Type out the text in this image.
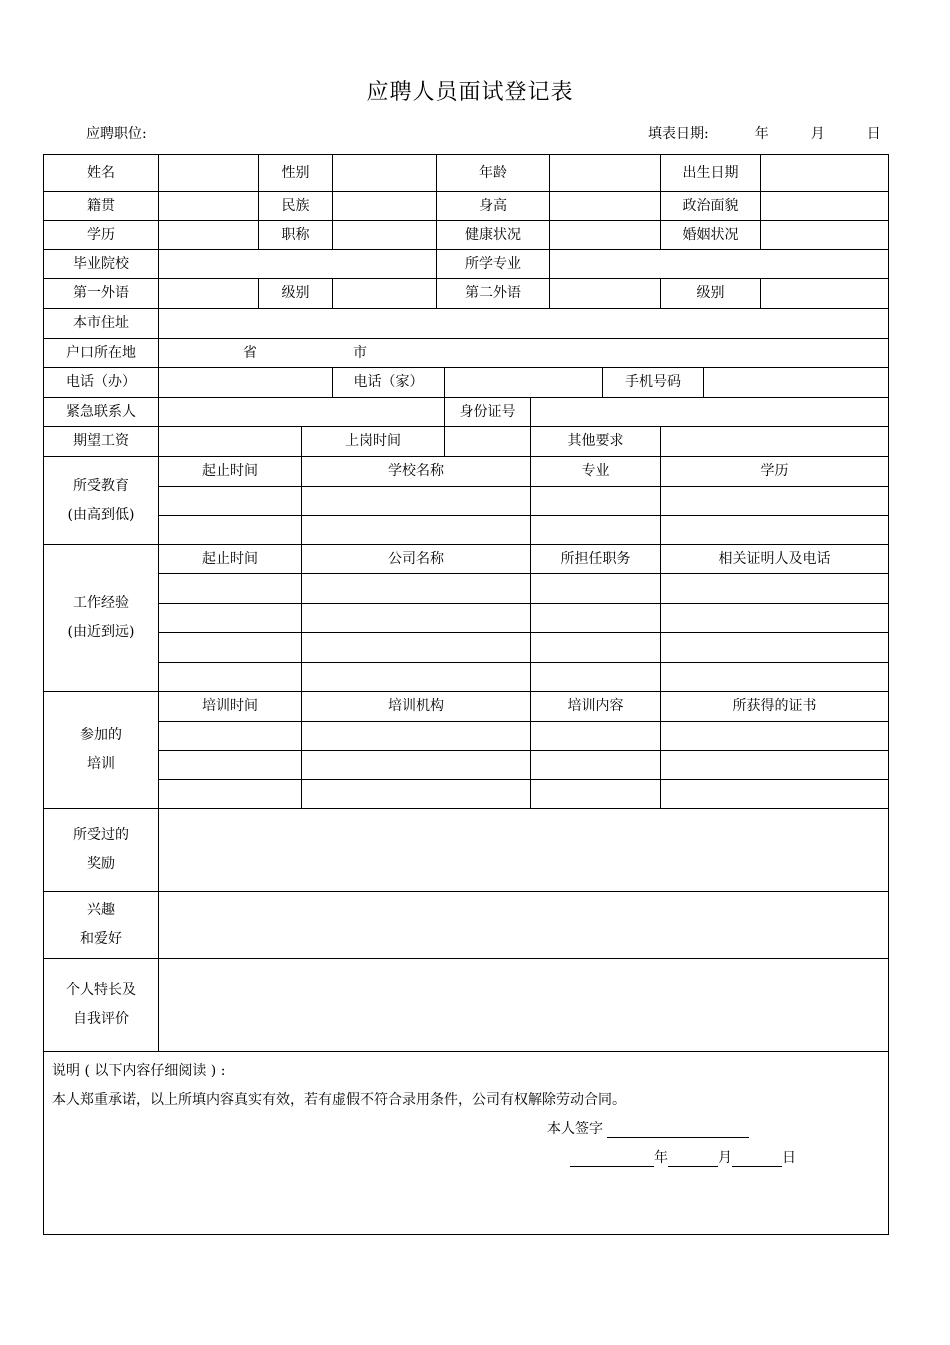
应聘人员面试登记表
应聘职位:	填表日期:	年	月	日
姓名	性别	年龄	出生日期
籍贯	民族	身高	政治面貌
学历	职称	健康状况	婚姻状况
毕业院校	所学专业
第一外语	级别	第二外语	级别
本市住址
户口所在地	省	市
电话（办）	电话（家）	手机号码
紧急联系人	身份证号
期望工资	上岗时间	其他要求
所受教育
(由高到低)
起止时间	学校名称	专业	学历
工作经验
(由近到远)
起止时间	公司名称	所担任职务	相关证明人及电话
参加的
培训
培训时间	培训机构	培训内容	所获得的证书
所受过的
奖励
兴趣
和爱好
个人特长及
自我评价
说明 ( 以下内容仔细阅读 ) :
本人郑重承诺，以上所填内容真实有效，若有虚假不符合录用条件，公司有权解除劳动合同。
本人签字
年	月	日
